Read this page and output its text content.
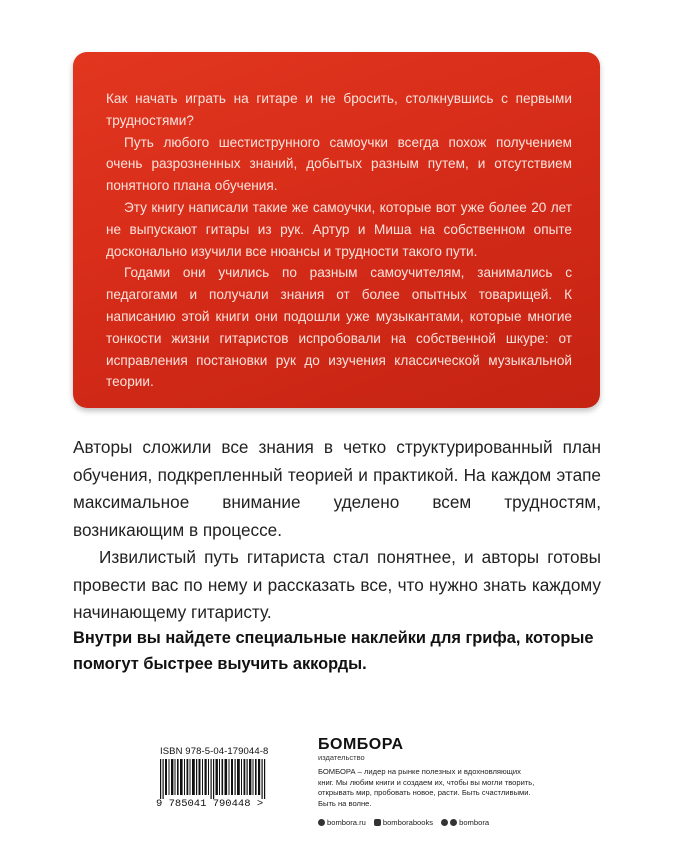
Как начать играть на гитаре и не бросить, столкнувшись с первыми трудностями?

Путь любого шестиструнного самоучки всегда похож получением очень разрозненных знаний, добытых разным путем, и отсутствием понятного плана обучения.

Эту книгу написали такие же самоучки, которые вот уже более 20 лет не выпускают гитары из рук. Артур и Миша на собственном опыте досконально изучили все нюансы и трудности такого пути.

Годами они учились по разным самоучителям, занимались с педагогами и получали знания от более опытных товарищей. К написанию этой книги они подошли уже музыкантами, которые многие тонкости жизни гитаристов испробовали на собственной шкуре: от исправления постановки рук до изучения классической музыкальной теории.

Авторы сложили все знания в четко структурированный план обучения, подкрепленный теорией и практикой. На каждом этапе максимальное внимание уделено всем трудностям, возникающим в процессе.

Извилистый путь гитариста стал понятнее, и авторы готовы провести вас по нему и рассказать все, что нужно знать каждому начинающему гитаристу.

Внутри вы найдете специальные наклейки для грифа, которые помогут быстрее выучить аккорды.
ISBN 978-5-04-179044-8
9 785041 790448 >
БОМБОРА
издательство
БОМБОРА – лидер на рынке полезных и вдохновляющих книг. Мы любим книги и создаем их, чтобы вы могли творить, открывать мир, пробовать новое, расти. Быть счастливыми. Быть на волне.
bombora.ru bomborabooks	bombora
